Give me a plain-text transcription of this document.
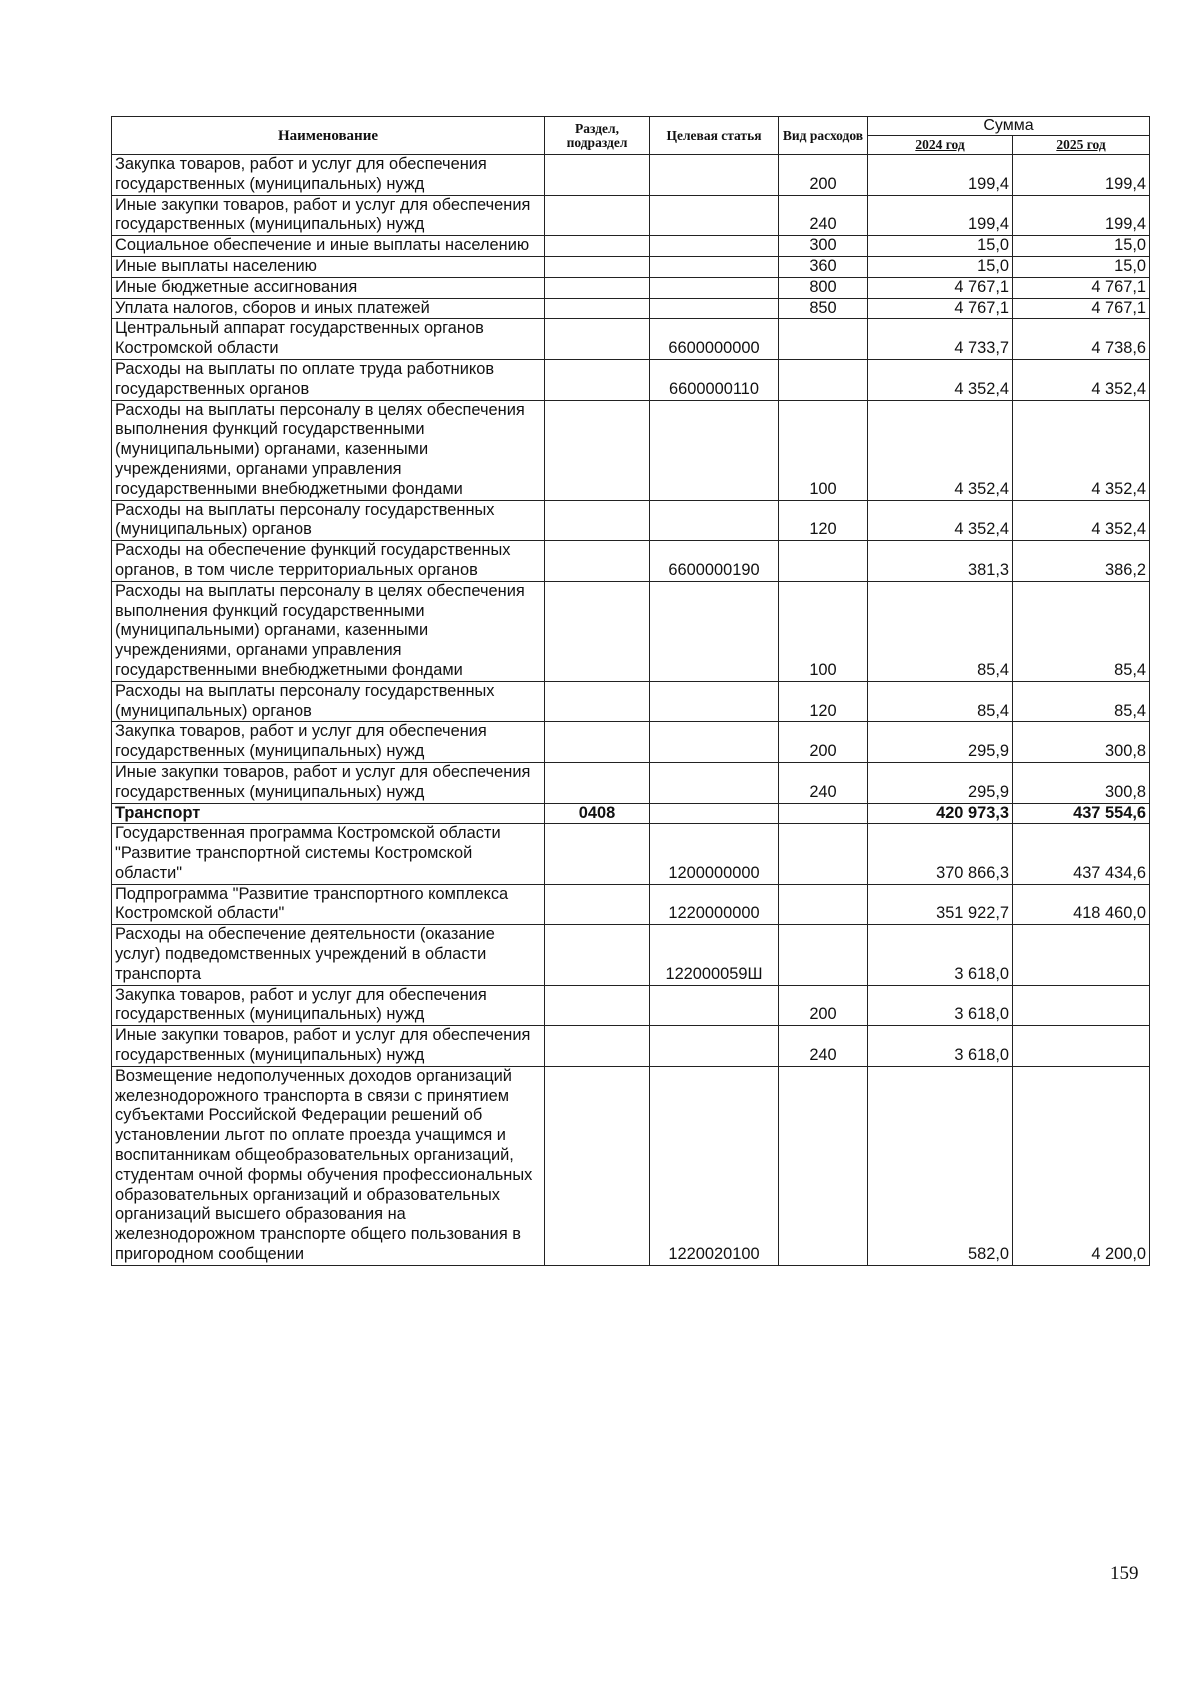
Наименование	Раздел, подраздел	Целевая статья	Вид расходов	Сумма	
				2024 год	2025 год
Закупка товаров, работ и услуг для обеспечения государственных (муниципальных) нужд			200	199,4	199,4
Иные закупки товаров, работ и услуг для обеспечения государственных (муниципальных) нужд			240	199,4	199,4
Социальное обеспечение и иные выплаты населению			300	15,0	15,0
Иные выплаты населению			360	15,0	15,0
Иные бюджетные ассигнования			800	4 767,1	4 767,1
Уплата налогов, сборов и иных платежей			850	4 767,1	4 767,1
Центральный аппарат государственных органов Костромской области		6600000000		4 733,7	4 738,6
Расходы на выплаты по оплате труда работников государственных органов		6600000110		4 352,4	4 352,4
Расходы на выплаты персоналу в целях обеспечения выполнения функций государственными (муниципальными) органами, казенными учреждениями, органами управления государственными внебюджетными фондами			100	4 352,4	4 352,4
Расходы на выплаты персоналу государственных (муниципальных) органов			120	4 352,4	4 352,4
Расходы на обеспечение функций государственных органов, в том числе территориальных органов		6600000190		381,3	386,2
Расходы на выплаты персоналу в целях обеспечения выполнения функций государственными (муниципальными) органами, казенными учреждениями, органами управления государственными внебюджетными фондами			100	85,4	85,4
Расходы на выплаты персоналу государственных (муниципальных) органов			120	85,4	85,4
Закупка товаров, работ и услуг для обеспечения государственных (муниципальных) нужд			200	295,9	300,8
Иные закупки товаров, работ и услуг для обеспечения государственных (муниципальных) нужд			240	295,9	300,8
Транспорт	0408			420 973,3	437 554,6
Государственная программа Костромской области "Развитие транспортной системы Костромской области"		1200000000		370 866,3	437 434,6
Подпрограмма "Развитие транспортного комплекса Костромской области"		1220000000		351 922,7	418 460,0
Расходы на обеспечение деятельности (оказание услуг) подведомственных учреждений в области транспорта		122000059Ш		3 618,0	
Закупка товаров, работ и услуг для обеспечения государственных (муниципальных) нужд			200	3 618,0	
Иные закупки товаров, работ и услуг для обеспечения государственных (муниципальных) нужд			240	3 618,0	
Возмещение недополученных доходов организаций железнодорожного транспорта в связи с принятием субъектами Российской Федерации решений об установлении льгот по оплате проезда учащимся и воспитанникам общеобразовательных организаций, студентам очной формы обучения профессиональных образовательных организаций и образовательных организаций высшего образования на железнодорожном транспорте общего пользования в пригородном сообщении		1220020100		582,0	4 200,0
159
